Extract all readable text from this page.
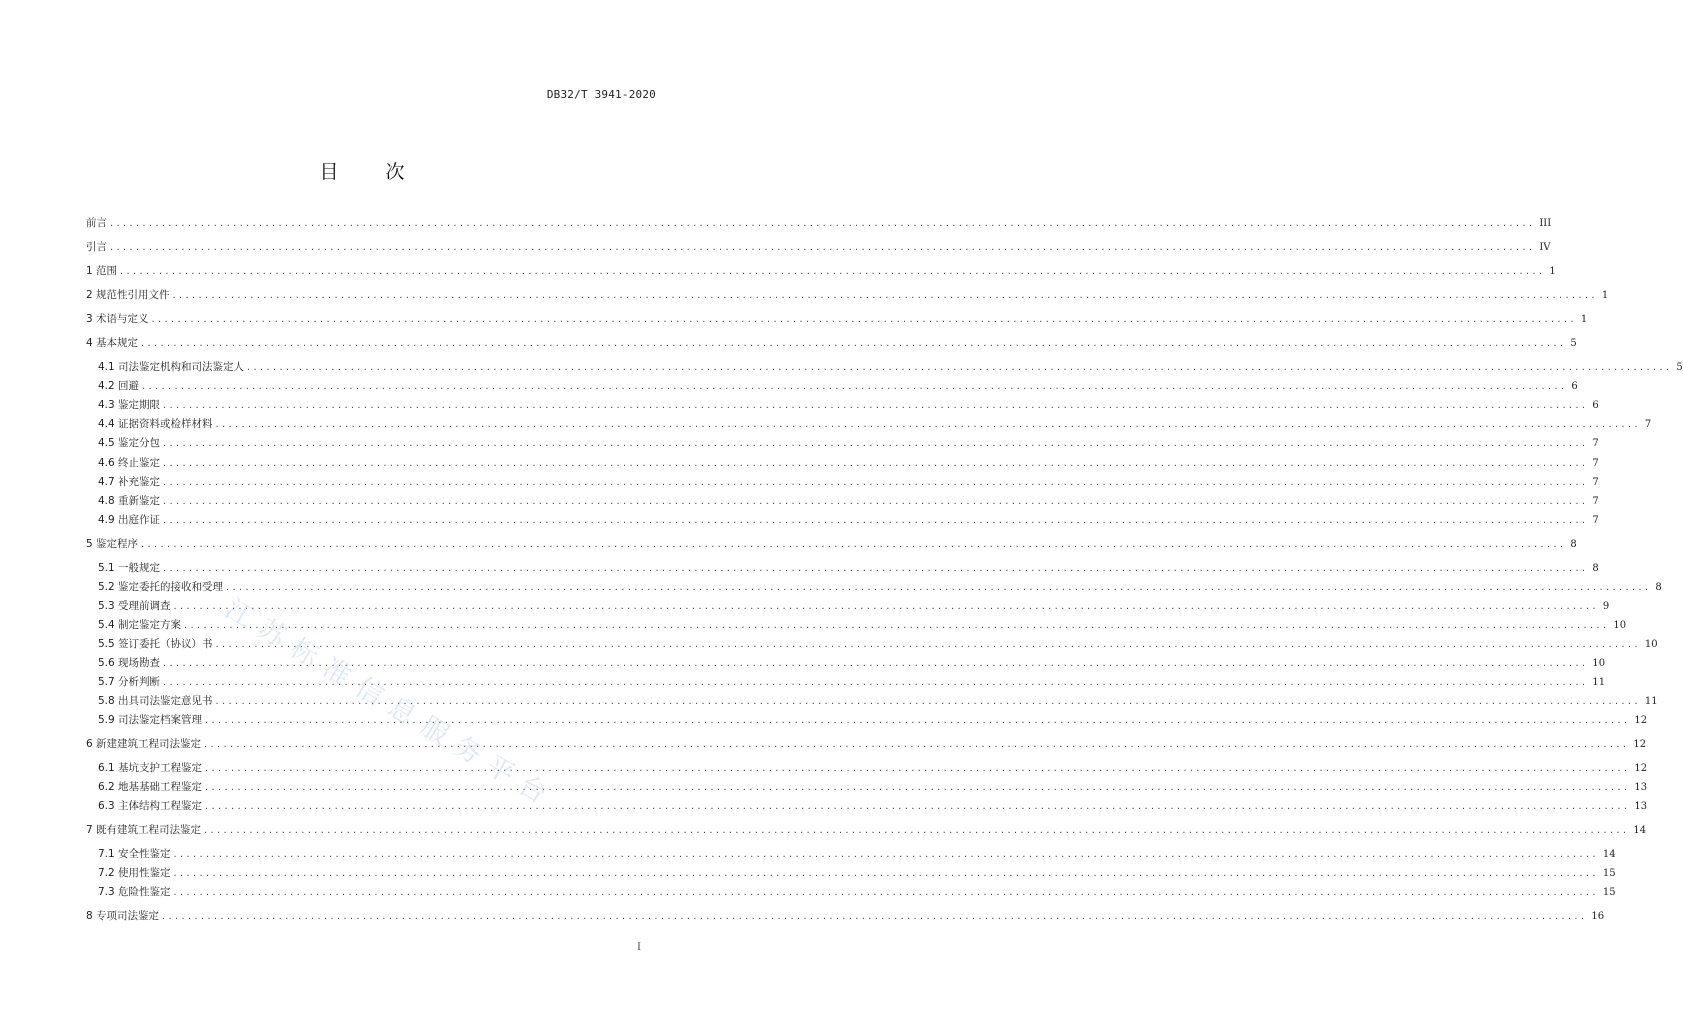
DB32/T 3941-2020
目　次
前言 ............................................................................................................................................................................................................................ III
引言 ............................................................................................................................................................................................................................ IV
1 范围 ............................................................................................................................................................................................................................ 1
2 规范性引用文件 ............................................................................................................................................................................................................................ 1
3 术语与定义 ............................................................................................................................................................................................................................ 1
4 基本规定 ............................................................................................................................................................................................................................ 5
4.1 司法鉴定机构和司法鉴定人 ............................................................................................................................................................................................................................ 5
4.2 回避 ............................................................................................................................................................................................................................ 6
4.3 鉴定期限 ............................................................................................................................................................................................................................ 6
4.4 证据资料或检样材料 ............................................................................................................................................................................................................................ 7
4.5 鉴定分包 ............................................................................................................................................................................................................................ 7
4.6 终止鉴定 ............................................................................................................................................................................................................................ 7
4.7 补充鉴定 ............................................................................................................................................................................................................................ 7
4.8 重新鉴定 ............................................................................................................................................................................................................................ 7
4.9 出庭作证 ............................................................................................................................................................................................................................ 7
5 鉴定程序 ............................................................................................................................................................................................................................ 8
5.1 一般规定 ............................................................................................................................................................................................................................ 8
5.2 鉴定委托的接收和受理 ............................................................................................................................................................................................................................ 8
5.3 受理前调查 ............................................................................................................................................................................................................................ 9
5.4 制定鉴定方案 ............................................................................................................................................................................................................................ 10
5.5 签订委托（协议）书 ............................................................................................................................................................................................................................ 10
5.6 现场勘查 ............................................................................................................................................................................................................................ 10
5.7 分析判断 ............................................................................................................................................................................................................................ 11
5.8 出具司法鉴定意见书 ............................................................................................................................................................................................................................ 11
5.9 司法鉴定档案管理 ............................................................................................................................................................................................................................ 12
6 新建建筑工程司法鉴定 ............................................................................................................................................................................................................................ 12
6.1 基坑支护工程鉴定 ............................................................................................................................................................................................................................ 12
6.2 地基基础工程鉴定 ............................................................................................................................................................................................................................ 13
6.3 主体结构工程鉴定 ............................................................................................................................................................................................................................ 13
7 既有建筑工程司法鉴定 ............................................................................................................................................................................................................................ 14
7.1 安全性鉴定 ............................................................................................................................................................................................................................ 14
7.2 使用性鉴定 ............................................................................................................................................................................................................................ 15
7.3 危险性鉴定 ............................................................................................................................................................................................................................ 15
8 专项司法鉴定 ............................................................................................................................................................................................................................ 16
江苏标准信息服务平台
I
